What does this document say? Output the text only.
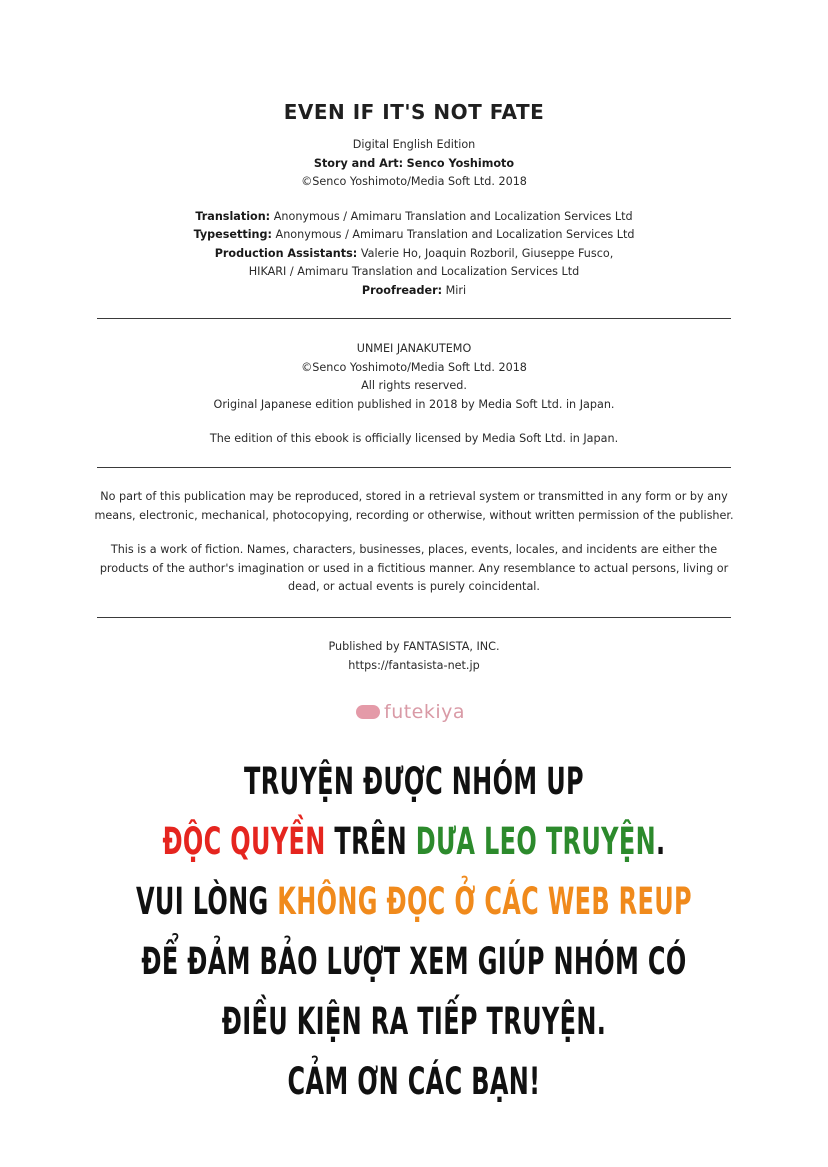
EVEN IF IT'S NOT FATE
Digital English Edition
Story and Art: Senco Yoshimoto
©Senco Yoshimoto/Media Soft Ltd. 2018
Translation: Anonymous / Amimaru Translation and Localization Services Ltd
Typesetting: Anonymous / Amimaru Translation and Localization Services Ltd
Production Assistants: Valerie Ho, Joaquin Rozboril, Giuseppe Fusco,
HIKARI / Amimaru Translation and Localization Services Ltd
Proofreader: Miri
UNMEI JANAKUTEMO
©Senco Yoshimoto/Media Soft Ltd. 2018
All rights reserved.
Original Japanese edition published in 2018 by Media Soft Ltd. in Japan.
The edition of this ebook is officially licensed by Media Soft Ltd. in Japan.
No part of this publication may be reproduced, stored in a retrieval system or transmitted in any form or by any
means, electronic, mechanical, photocopying, recording or otherwise, without written permission of the publisher.
This is a work of fiction. Names, characters, businesses, places, events, locales, and incidents are either the
products of the author's imagination or used in a fictitious manner. Any resemblance to actual persons, living or
dead, or actual events is purely coincidental.
Published by FANTASISTA, INC.
https://fantasista-net.jp
futekiya
TRUYỆN ĐƯỢC NHÓM UP
ĐỘC QUYỀN TRÊN DƯA LEO TRUYỆN.
VUI LÒNG KHÔNG ĐỌC Ở CÁC WEB REUP
ĐỂ ĐẢM BẢO LƯỢT XEM GIÚP NHÓM CÓ
ĐIỀU KIỆN RA TIẾP TRUYỆN.
CẢM ƠN CÁC BẠN!
